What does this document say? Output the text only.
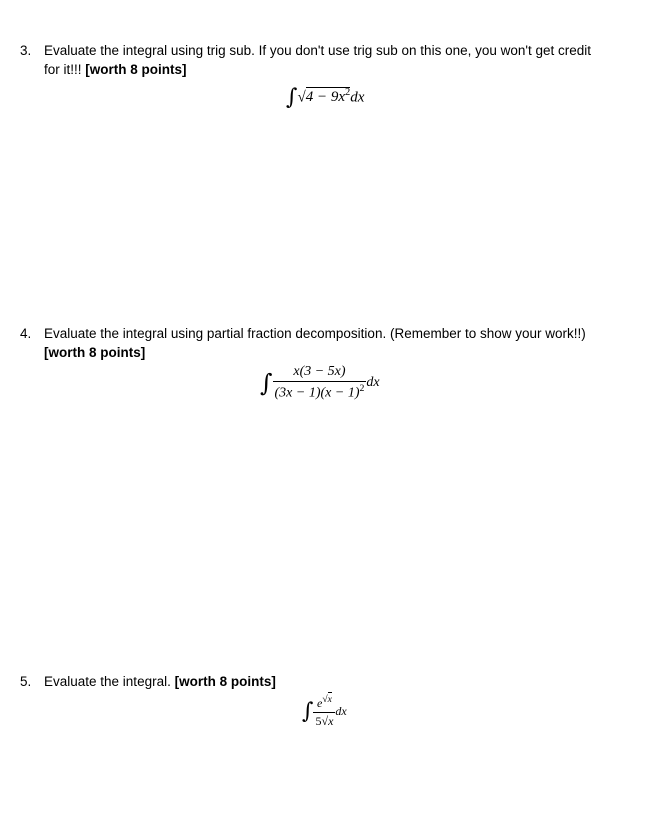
3. Evaluate the integral using trig sub. If you don't use trig sub on this one, you won't get credit
for it!!! [worth 8 points]
$\int√4 - 9x^2dx$
4. Evaluate the integral using partial fraction decomposition. (Remember to show your work!!)
[worth 8 points]
∫ $\frac{x(3 - 5x)}{(3x - 1)(x - 1)^2}$ dx
5. Evaluate the integral. [worth 8 points]
∫ $\frac{e^{√x}}{5√x}$ dx
